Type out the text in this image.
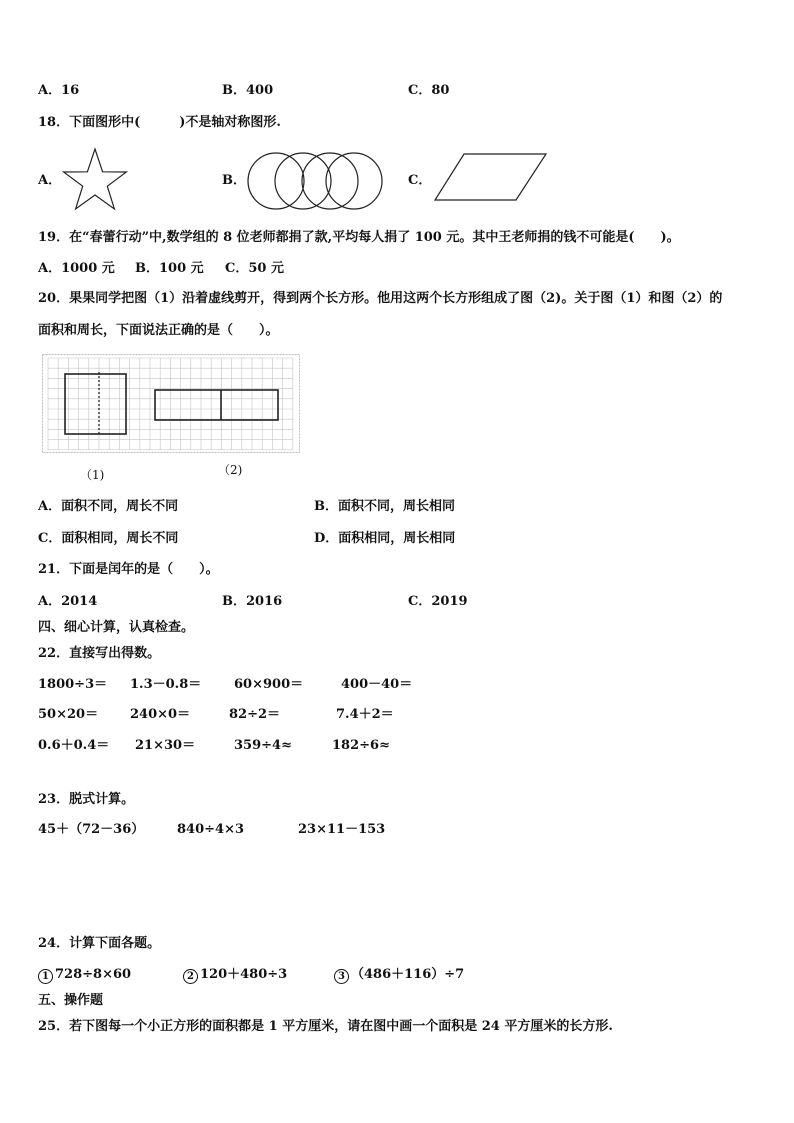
A．16	B．400	C．80
18．下面图形中(　　　)不是轴对称图形.
A．	B．	C．
19．在“春蕾行动”中,数学组的 8 位老师都捐了款,平均每人捐了 100 元。其中王老师捐的钱不可能是(　　)。
A．1000 元 B．100 元 C．50 元
20．果果同学把图（1）沿着虚线剪开，得到两个长方形。他用这两个长方形组成了图（2)。关于图（1）和图（2）的
面积和周长，下面说法正确的是（　　）。
（1)	（2)
A．面积不同，周长不同	B．面积不同，周长相同
C．面积相同，周长不同	D．面积相同，周长相同
21．下面是闰年的是（　　）。
A．2014	B．2016	C．2019
四、细心计算，认真检查。
22．直接写出得数。
1800÷3＝ 1.3－0.8＝	60×900＝	400－40＝
50×20＝ 240×0＝	82÷2＝	7.4＋2＝
0.6＋0.4＝ 21×30＝	359÷4≈	182÷6≈
23．脱式计算。
45＋（72－36）	840÷4×3	23×11－153
24．计算下面各题。
1 728÷8×60	2 120＋480÷3	3 （486＋116）÷7
五、操作题
25．若下图每一个小正方形的面积都是 1 平方厘米，请在图中画一个面积是 24 平方厘米的长方形.
